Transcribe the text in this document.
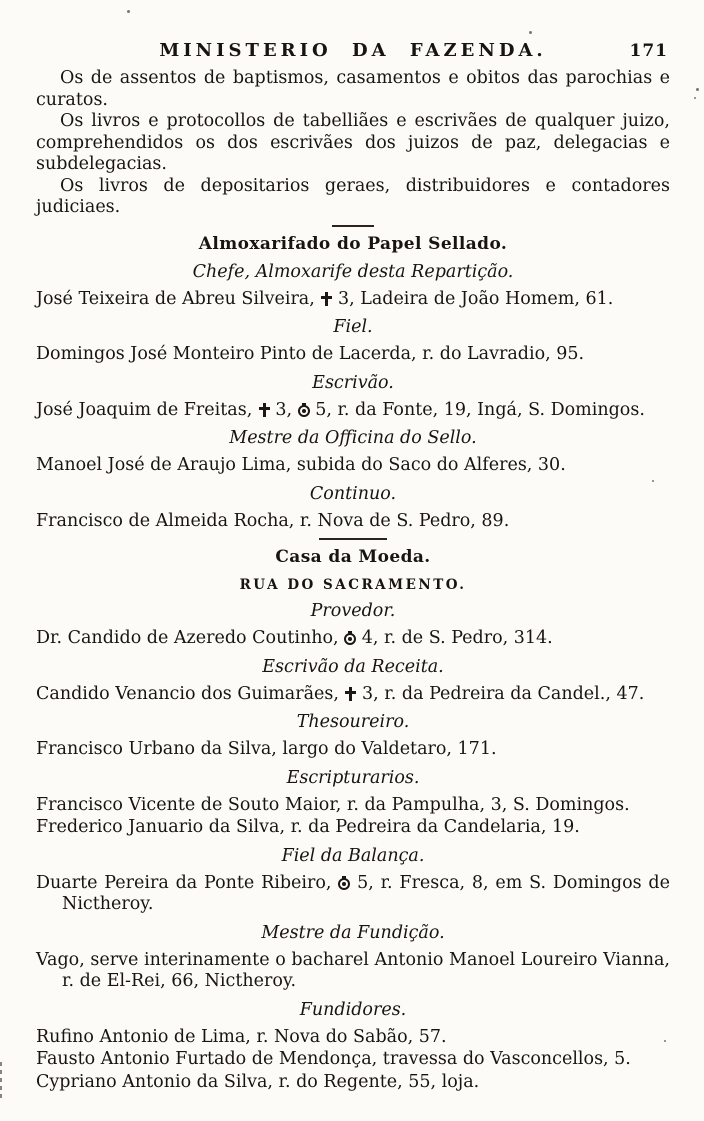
MINISTERIO DA FAZENDA.	171
Os de assentos de baptismos, casamentos e obitos das parochias e curatos.
Os livros e protocollos de tabelliães e escrivães de qualquer juizo, comprehendidos os dos escrivães dos juizos de paz, delegacias e subdelegacias.
Os livros de depositarios geraes, distribuidores e contadores judiciaes.
Almoxarifado do Papel Sellado.
Chefe, Almoxarife desta Repartição.
José Teixeira de Abreu Silveira,  3, Ladeira de João Homem, 61.
Fiel.
Domingos José Monteiro Pinto de Lacerda, r. do Lavradio, 95.
Escrivão.
José Joaquim de Freitas,  3,  5, r. da Fonte, 19, Ingá, S. Domingos.
Mestre da Officina do Sello.
Manoel José de Araujo Lima, subida do Saco do Alferes, 30.
Continuo.
Francisco de Almeida Rocha, r. Nova de S. Pedro, 89.
Casa da Moeda.
RUA DO SACRAMENTO.
Provedor.
Dr. Candido de Azeredo Coutinho,  4, r. de S. Pedro, 314.
Escrivão da Receita.
Candido Venancio dos Guimarães,  3, r. da Pedreira da Candel., 47.
Thesoureiro.
Francisco Urbano da Silva, largo do Valdetaro, 171.
Escripturarios.
Francisco Vicente de Souto Maior, r. da Pampulha, 3, S. Domingos.
Frederico Januario da Silva, r. da Pedreira da Candelaria, 19.
Fiel da Balança.
Duarte Pereira da Ponte Ribeiro,  5, r. Fresca, 8, em S. Domingos de Nictheroy.
Mestre da Fundição.
Vago, serve interinamente o bacharel Antonio Manoel Loureiro Vianna, r. de El-Rei, 66, Nictheroy.
Fundidores.
Rufino Antonio de Lima, r. Nova do Sabão, 57.
Fausto Antonio Furtado de Mendonça, travessa do Vasconcellos, 5.
Cypriano Antonio da Silva, r. do Regente, 55, loja.
